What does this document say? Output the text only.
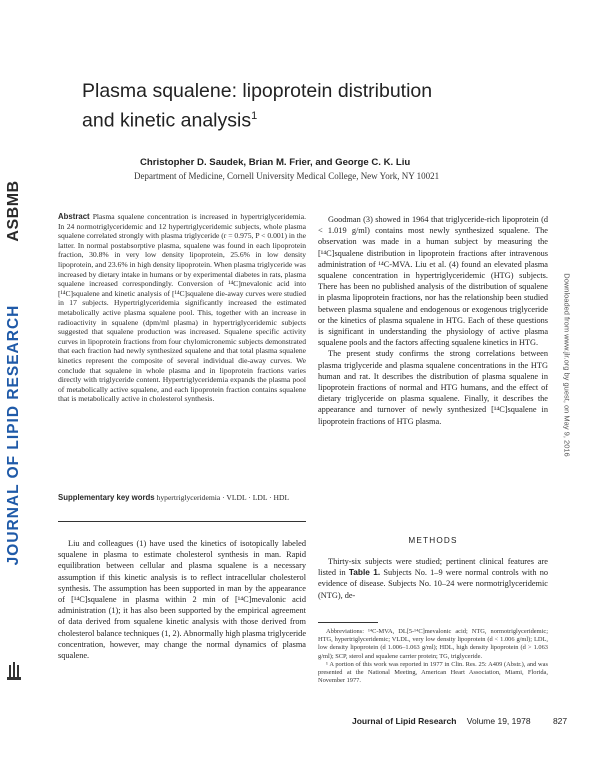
ASBMB
JOURNAL OF LIPID RESEARCH	Downloaded from www.jlr.org by guest, on May 9, 2016
Plasma squalene: lipoprotein distribution
and kinetic analysis$^1$
Christopher D. Saudek, Brian M. Frier, and George C. K. Liu
Department of Medicine, Cornell University Medical College, New York, NY 10021
Abstract Plasma squalene concentration is increased in hypertriglyceridemia. In 24 normotriglyceridemic and 12 hypertriglyceridemic subjects, whole plasma squalene correlated strongly with plasma triglyceride (r = 0.975, P < 0.001) in the latter. In normal postabsorptive plasma, squalene was found in each lipoprotein fraction, 30.8% in very low density lipoprotein, 25.6% in low density lipoprotein, and 23.6% in high density lipoprotein. When plasma triglyceride was increased by dietary intake in humans or by experimental diabetes in rats, plasma squalene increased correspondingly. Conversion of ¹⁴C]mevalonic acid into [¹⁴C]squalene and kinetic analysis of [¹⁴C]squalene die-away curves were studied in 17 subjects. Hypertriglyceridemia significantly increased the estimated metabolically active plasma squalene pool. This, together with an increase in radioactivity in squalene (dpm/ml plasma) in hypertriglyceridemic subjects suggested that squalene production was increased. Squalene specific activity curves in lipoprotein fractions from four chylomicronemic subjects demonstrated that each fraction had newly synthesized squalene and that total plasma squalene kinetics represent the composite of several individual die-away curves. We conclude that squalene in whole plasma and in lipoprotein fractions varies directly with triglyceride content. Hypertriglyceridemia expands the plasma pool of metabolically active squalene, and each lipoprotein fraction contains squalene that is metabolically active in cholesterol synthesis.
Supplementary key words hypertriglyceridemia · VLDL · LDL · HDL

Liu and colleagues (1) have used the kinetics of isotopically labeled squalene in plasma to estimate cholesterol synthesis in man. Rapid equilibration between cellular and plasma squalene is a necessary assumption if this kinetic analysis is to reflect intracellular cholesterol synthesis. The assumption has been supported in man by the appearance of [¹⁴C]squalene in plasma within 2 min of [¹⁴C]mevalonic acid administration (1); it has also been supported by the empirical agreement of data derived from squalene kinetic analysis with those derived from cholesterol balance techniques (1, 2). Abnormally high plasma triglyceride concentration, however, may change the normal dynamics of plasma squalene.

Goodman (3) showed in 1964 that triglyceride-rich lipoprotein (d < 1.019 g/ml) contains most newly synthesized squalene. The observation was made in a human subject by measuring the [¹⁴C]squalene distribution in lipoprotein fractions after intravenous administration of ¹⁴C-MVA. Liu et al. (4) found an elevated plasma squalene concentration in hypertriglyceridemic (HTG) subjects. There has been no published analysis of the distribution of squalene in plasma lipoprotein fractions, nor has the relationship been studied between plasma squalene and endogenous or exogenous triglyceride or the kinetics of plasma squalene in HTG. Each of these questions is significant in understanding the physiology of active plasma squalene pools and the factors affecting squalene kinetics in HTG.

The present study confirms the strong correlations between plasma triglyceride and plasma squalene concentrations in the HTG human and rat. It describes the distribution of plasma squalene in lipoprotein fractions of normal and HTG humans, and the effect of dietary triglyceride on plasma squalene. Finally, it describes the appearance and turnover of newly synthesized [¹⁴C]squalene in lipoprotein fractions of HTG plasma.

METHODS

Thirty-six subjects were studied; pertinent clinical features are listed in Table 1. Subjects No. 1–9 were normal controls with no evidence of disease. Subjects No. 10–24 were normotriglyceridemic (NTG), de-

Abbreviations: ¹⁴C-MVA, DL[5-¹⁴C]mevalonic acid; NTG, normotriglyceridemic; HTG, hypertriglyceridemic; VLDL, very low density lipoprotein (d < 1.006 g/ml); LDL, low density lipoprotein (d 1.006–1.063 g/ml); HDL, high density lipoprotein (d > 1.063 g/ml); SCP, sterol and squalene carrier protein; TG, triglyceride.

¹ A portion of this work was reported in 1977 in Clin. Res. 25: A409 (Abstr.), and was presented at the National Meeting, American Heart Association, Miami, Florida, November 1977.

Journal of Lipid Research Volume 19, 1978	827
